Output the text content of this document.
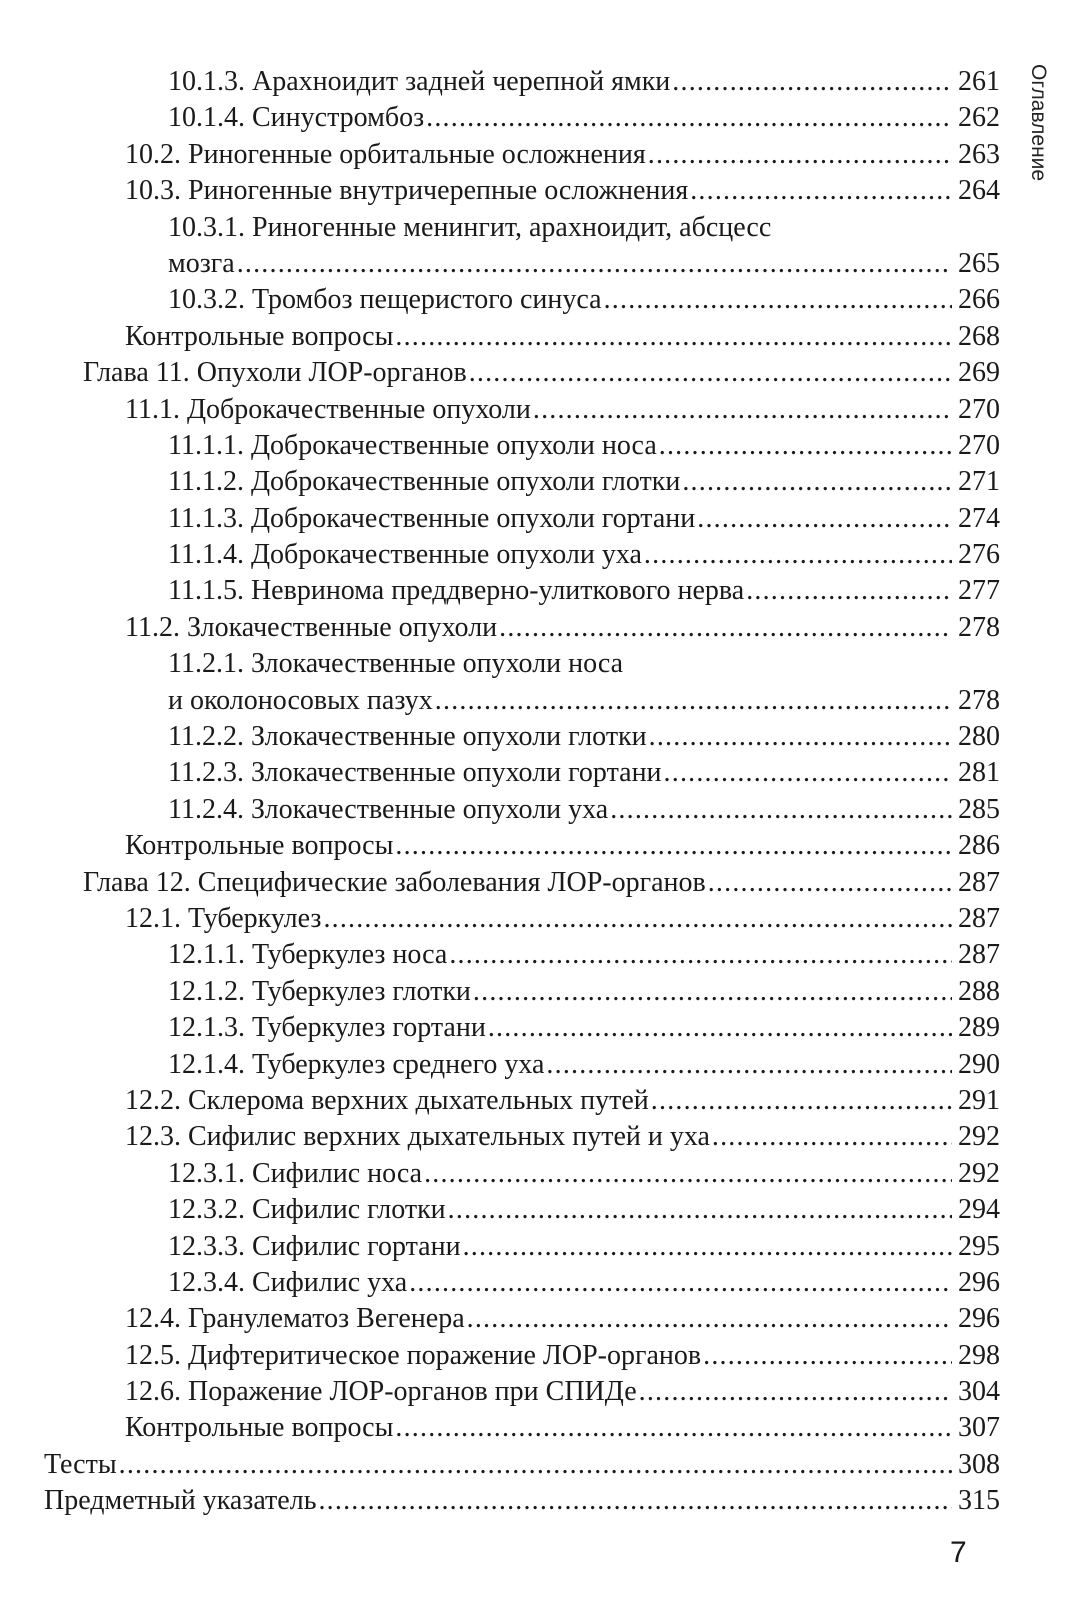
Оглавление
10.1.3. Арахноидит задней черепной ямки .....	261
10.1.4. Синустромбоз .....	262
10.2. Риногенные орбитальные осложнения .....	263
10.3. Риногенные внутричерепные осложнения .....	264
10.3.1. Риногенные менингит, арахноидит, абсцесс
мозга .....	265
10.3.2. Тромбоз пещеристого синуса .....	266
Контрольные вопросы .....	268
Глава 11. Опухоли ЛОР-органов .....	269
11.1. Доброкачественные опухоли .....	270
11.1.1. Доброкачественные опухоли носа .....	270
11.1.2. Доброкачественные опухоли глотки .....	271
11.1.3. Доброкачественные опухоли гортани .....	274
11.1.4. Доброкачественные опухоли уха .....	276
11.1.5. Невринома преддверно-улиткового нерва .....	277
11.2. Злокачественные опухоли .....	278
11.2.1. Злокачественные опухоли носа
и околоносовых пазух .....	278
11.2.2. Злокачественные опухоли глотки .....	280
11.2.3. Злокачественные опухоли гортани .....	281
11.2.4. Злокачественные опухоли уха .....	285
Контрольные вопросы .....	286
Глава 12. Специфические заболевания ЛОР-органов .....	287
12.1. Туберкулез .....	287
12.1.1. Туберкулез носа .....	287
12.1.2. Туберкулез глотки .....	288
12.1.3. Туберкулез гортани .....	289
12.1.4. Туберкулез среднего уха .....	290
12.2. Склерома верхних дыхательных путей .....	291
12.3. Сифилис верхних дыхательных путей и уха .....	292
12.3.1. Сифилис носа .....	292
12.3.2. Сифилис глотки .....	294
12.3.3. Сифилис гортани .....	295
12.3.4. Сифилис уха .....	296
12.4. Гранулематоз Вегенера .....	296
12.5. Дифтеритическое поражение ЛОР-органов .....	298
12.6. Поражение ЛОР-органов при СПИДе .....	304
Контрольные вопросы .....	307
Тесты .....	308
Предметный указатель .....	315
7
